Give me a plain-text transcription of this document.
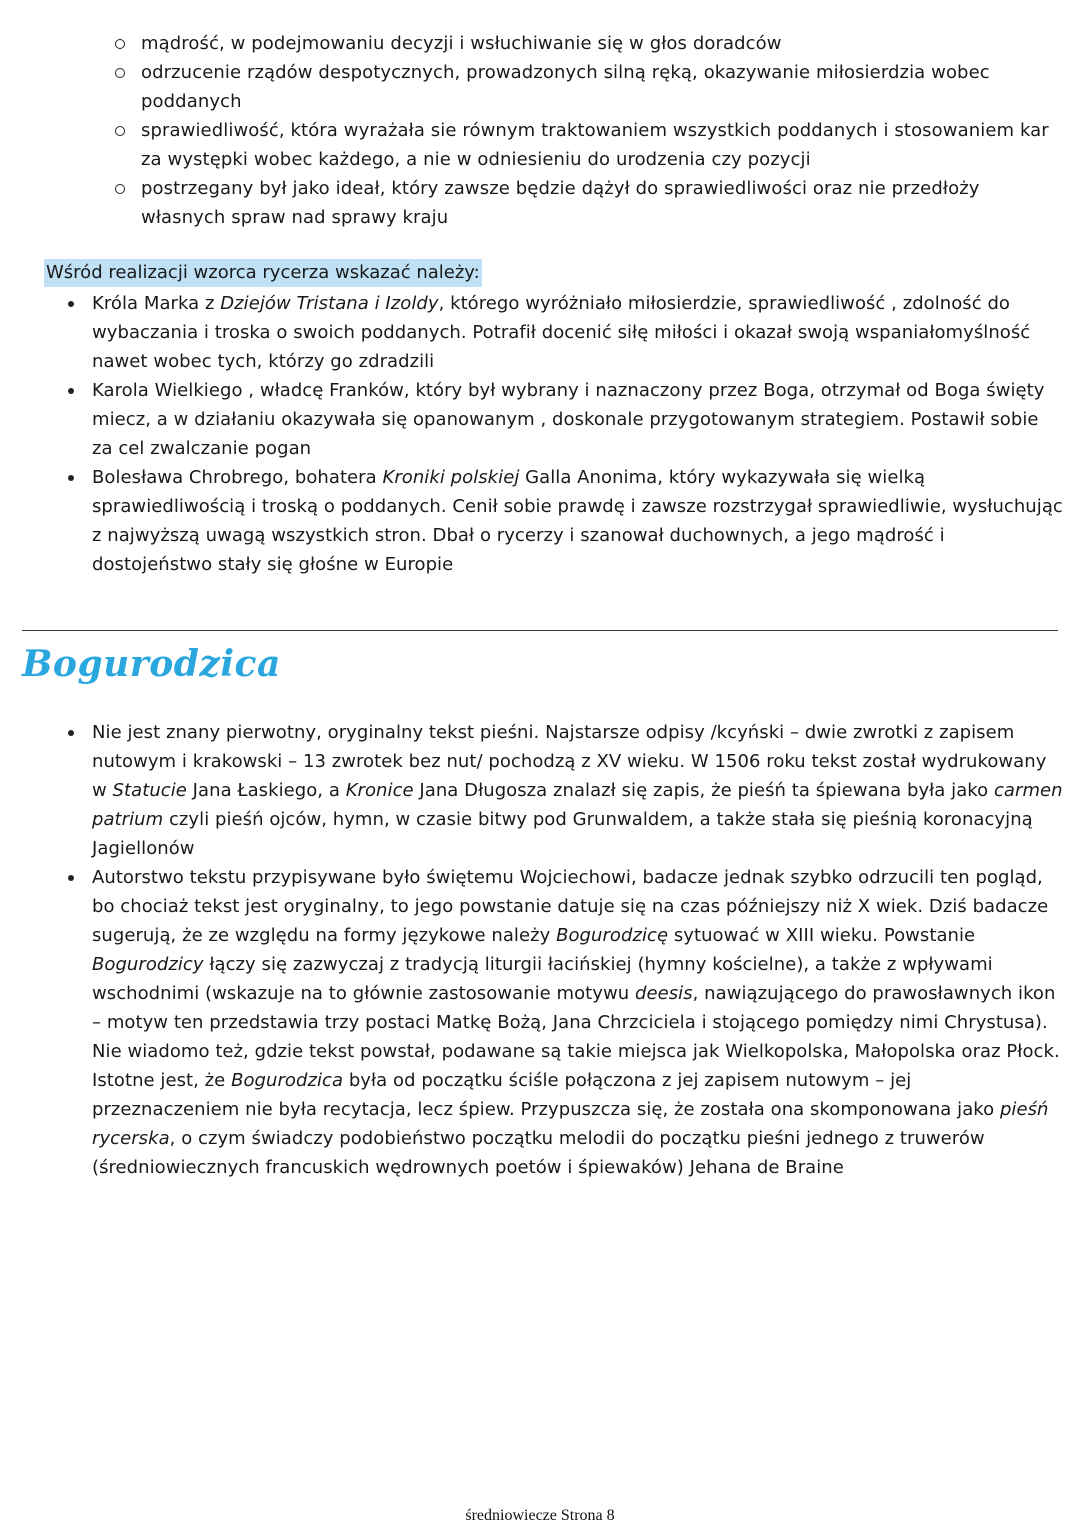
mądrość, w podejmowaniu decyzji i wsłuchiwanie się w głos doradców
odrzucenie rządów despotycznych, prowadzonych silną ręką, okazywanie miłosierdzia wobec poddanych
sprawiedliwość, która wyrażała sie równym traktowaniem wszystkich poddanych i stosowaniem kar za występki wobec każdego, a nie w odniesieniu do urodzenia czy pozycji
postrzegany był jako ideał, który zawsze będzie dążył do sprawiedliwości oraz nie przedłoży własnych spraw nad sprawy kraju
Wśród realizacji wzorca rycerza wskazać należy:
Króla Marka z Dziejów Tristana i Izoldy, którego wyróżniało miłosierdzie, sprawiedliwość , zdolność do wybaczania i troska o swoich poddanych. Potrafił docenić siłę miłości i okazał swoją wspaniałomyślność nawet wobec tych, którzy go zdradzili
Karola Wielkiego , władcę Franków, który był wybrany i naznaczony przez Boga, otrzymał od Boga święty miecz, a w działaniu okazywała się opanowanym , doskonale przygotowanym strategiem. Postawił sobie za cel zwalczanie pogan
Bolesława Chrobrego, bohatera Kroniki polskiej Galla Anonima, który wykazywała się wielką sprawiedliwością i troską o poddanych. Cenił sobie prawdę i zawsze rozstrzygał sprawiedliwie, wysłuchując z najwyższą uwagą wszystkich stron. Dbał o rycerzy i szanował duchownych, a jego mądrość i dostojeństwo stały się głośne w Europie
Bogurodzica
Nie jest znany pierwotny, oryginalny tekst pieśni. Najstarsze odpisy /kcyński – dwie zwrotki z zapisem nutowym i krakowski – 13 zwrotek bez nut/ pochodzą z XV wieku. W 1506 roku tekst został wydrukowany w Statucie Jana Łaskiego, a Kronice Jana Długosza znalazł się zapis, że pieśń ta śpiewana była jako carmen patrium czyli pieśń ojców, hymn, w czasie bitwy pod Grunwaldem, a także stała się pieśnią koronacyjną Jagiellonów
Autorstwo tekstu przypisywane było świętemu Wojciechowi, badacze jednak szybko odrzucili ten pogląd, bo chociaż tekst jest oryginalny, to jego powstanie datuje się na czas późniejszy niż X wiek. Dziś badacze sugerują, że ze względu na formy językowe należy Bogurodzicę sytuować w XIII wieku. Powstanie Bogurodzicy łączy się zazwyczaj z tradycją liturgii łacińskiej (hymny kościelne), a także z wpływami wschodnimi (wskazuje na to głównie zastosowanie motywu deesis, nawiązującego do prawosławnych ikon – motyw ten przedstawia trzy postaci Matkę Bożą, Jana Chrzciciela i stojącego pomiędzy nimi Chrystusa). Nie wiadomo też, gdzie tekst powstał, podawane są takie miejsca jak Wielkopolska, Małopolska oraz Płock. Istotne jest, że Bogurodzica była od początku ściśle połączona z jej zapisem nutowym – jej przeznaczeniem nie była recytacja, lecz śpiew. Przypuszcza się, że została ona skomponowana jako pieśń rycerska, o czym świadczy podobieństwo początku melodii do początku pieśni jednego z truwerów (średniowiecznych francuskich wędrownych poetów i śpiewaków) Jehana de Braine
średniowiecze Strona 8
